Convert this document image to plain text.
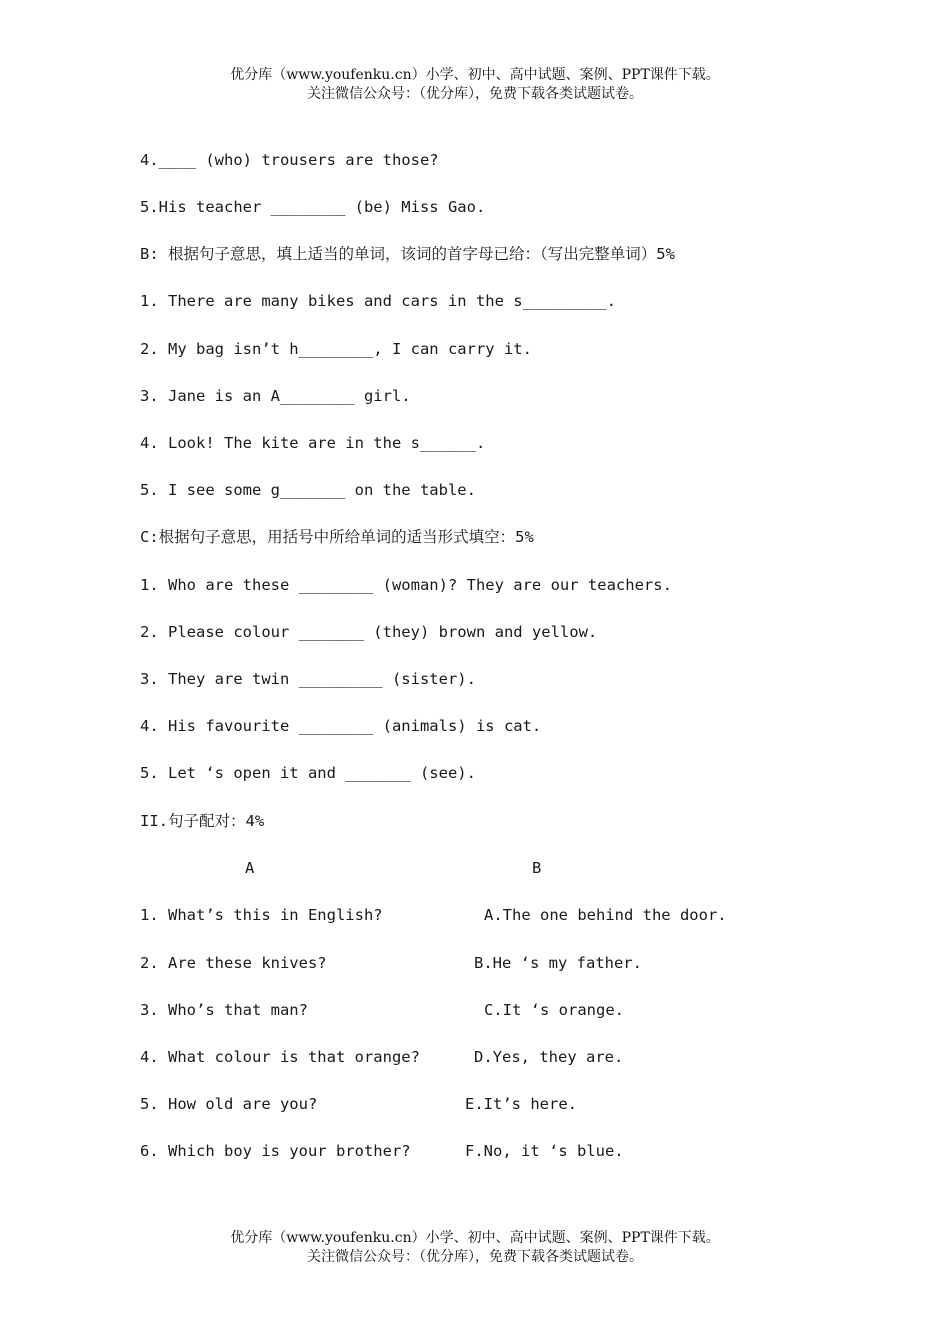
优分库（www.youfenku.cn）小学、初中、高中试题、案例、PPT课件下载。
关注微信公众号：（优分库），免费下载各类试题试卷。
4.____ (who) trousers are those?
5.His teacher ________ (be) Miss Gao.
B: 根据句子意思，填上适当的单词，该词的首字母已给：（写出完整单词）5%
1. There are many bikes and cars in the s_________.
2. My bag isn’t h________, I can carry it.
3. Jane is an A________ girl.
4. Look! The kite are in the s______.
5. I see some g_______ on the table.
C:根据句子意思，用括号中所给单词的适当形式填空：5%
1. Who are these ________ (woman)? They are our teachers.
2. Please colour _______ (they) brown and yellow.
3. They are twin _________ (sister).
4. His favourite ________ (animals) is cat.
5. Let ‘s open it and _______ (see).
II.句子配对：4%
A	B
1. What’s this in English?	A.The one behind the door.
2. Are these knives?	B.He ‘s my father.
3. Who’s that man?	C.It ‘s orange.
4. What colour is that orange?	D.Yes, they are.
5. How old are you?	E.It’s here.
6. Which boy is your brother?	F.No, it ‘s blue.
优分库（www.youfenku.cn）小学、初中、高中试题、案例、PPT课件下载。
关注微信公众号：（优分库），免费下载各类试题试卷。
